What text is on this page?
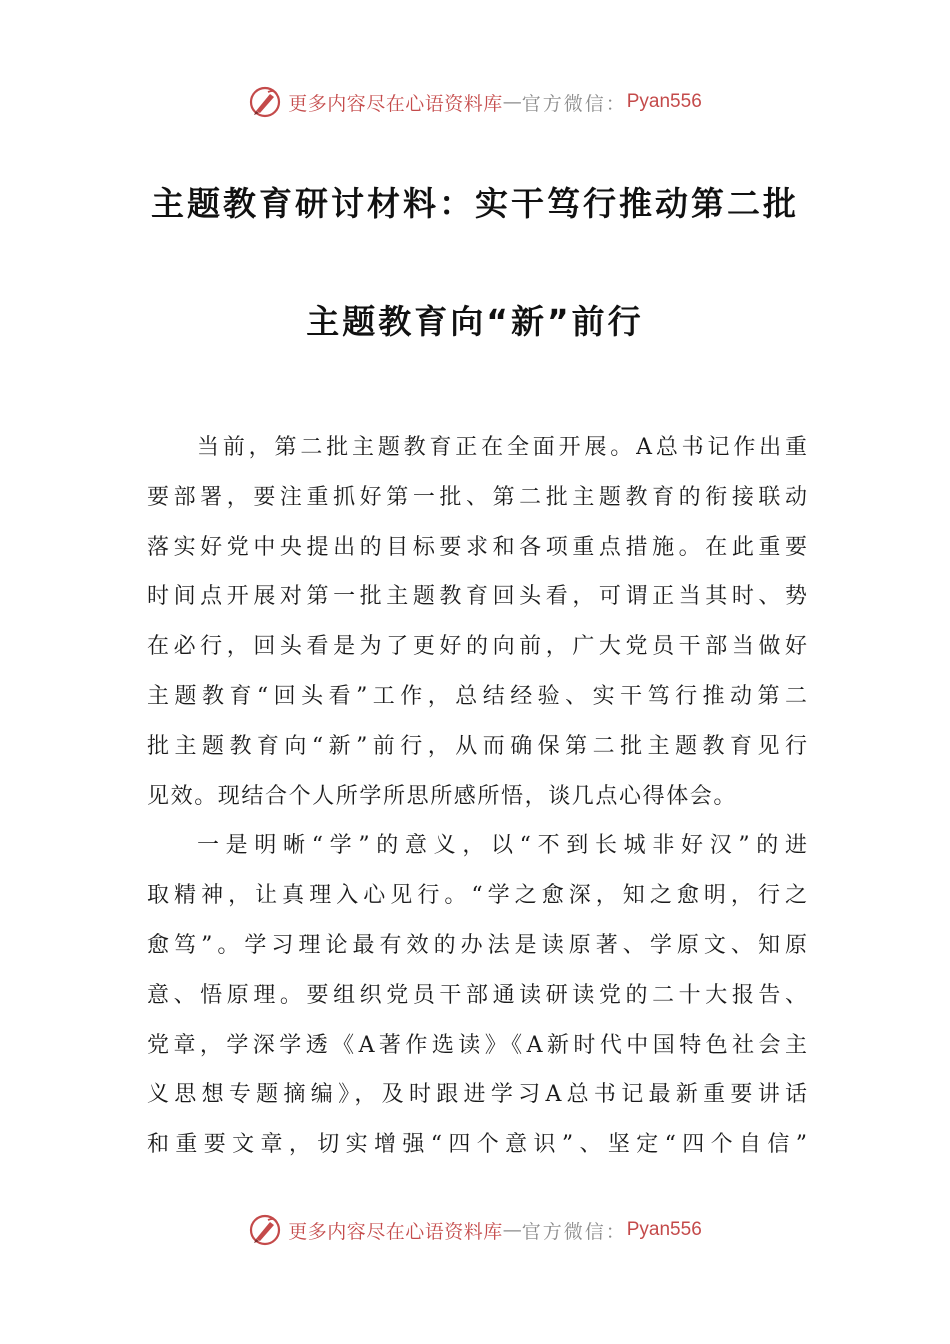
更多内容尽在心语资料库 — 官方微信： Pyan556
主题教育研讨材料：实干笃行推动第二批
主题教育向“新”前行
当前，第二批主题教育正在全面开展。A总书记作出重
要部署，要注重抓好第一批、第二批主题教育的衔接联动
落实好党中央提出的目标要求和各项重点措施。在此重要
时间点开展对第一批主题教育回头看，可谓正当其时、势
在必行，回头看是为了更好的向前，广大党员干部当做好
主题教育“回头看”工作，总结经验、实干笃行推动第二
批主题教育向“新”前行，从而确保第二批主题教育见行
见效。现结合个人所学所思所感所悟，谈几点心得体会。
一是明晰“学”的意义，以“不到长城非好汉”的进
取精神，让真理入心见行。“学之愈深，知之愈明，行之
愈笃”。学习理论最有效的办法是读原著、学原文、知原
意、悟原理。要组织党员干部通读研读党的二十大报告、
党章，学深学透《A著作选读》《A新时代中国特色社会主
义思想专题摘编》，及时跟进学习A总书记最新重要讲话
和重要文章，切实增强“四个意识”、坚定“四个自信”
更多内容尽在心语资料库 — 官方微信： Pyan556
